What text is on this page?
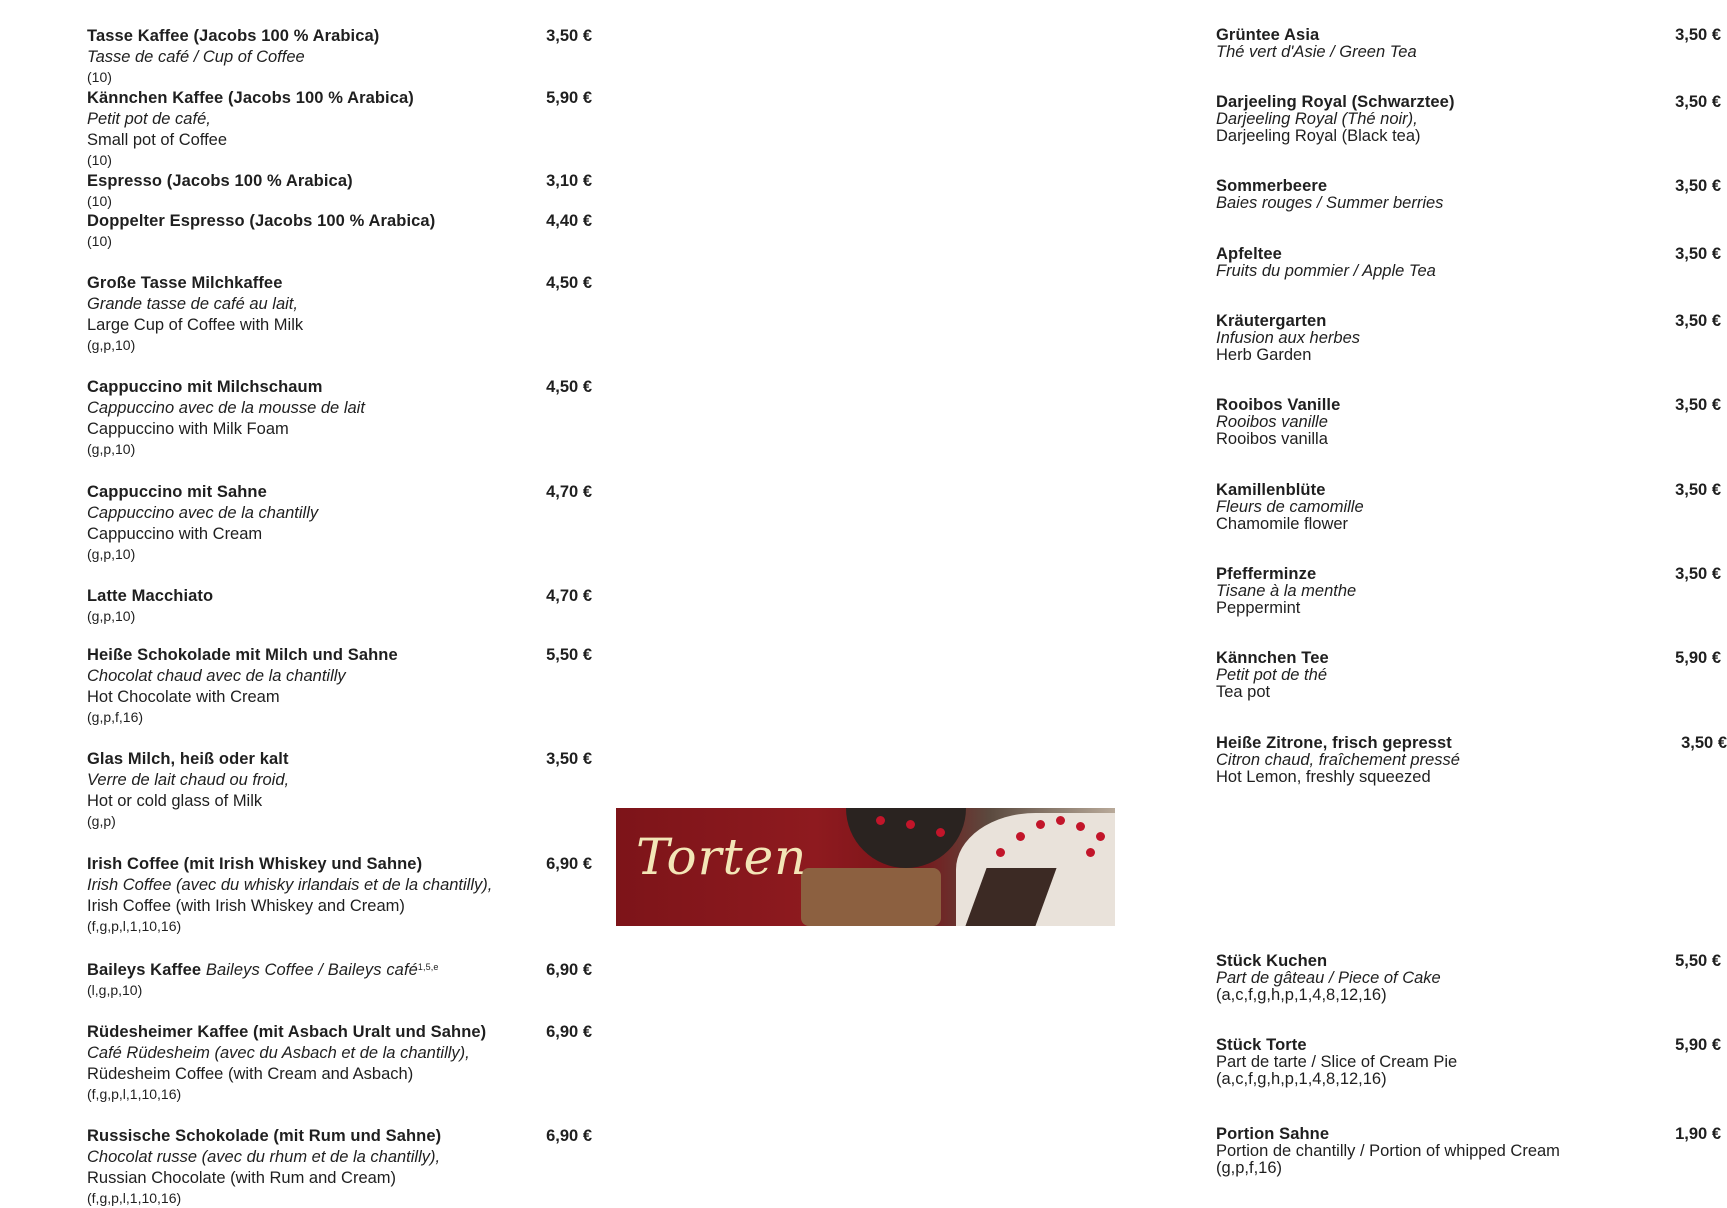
Tasse Kaffee (Jacobs 100 % Arabica)
Tasse de café / Cup of Coffee
(10)
3,50 €
Kännchen Kaffee (Jacobs 100 % Arabica)
Petit pot de café,
Small pot of Coffee
(10)
5,90 €
Espresso (Jacobs 100 % Arabica)
(10)
3,10 €
Doppelter Espresso (Jacobs 100 % Arabica)
(10)
4,40 €
Große Tasse Milchkaffee
Grande tasse de café au lait,
Large Cup of Coffee with Milk
(g,p,10)
4,50 €
Cappuccino mit Milchschaum
Cappuccino avec de la mousse de lait
Cappuccino with Milk Foam
(g,p,10)
4,50 €
Cappuccino mit Sahne
Cappuccino avec de la chantilly
Cappuccino with Cream
(g,p,10)
4,70 €
Latte Macchiato
(g,p,10)
4,70 €
Heiße Schokolade mit Milch und Sahne
Chocolat chaud avec de la chantilly
Hot Chocolate with Cream
(g,p,f,16)
5,50 €
Glas Milch, heiß oder kalt
Verre de lait chaud ou froid,
Hot or cold glass of Milk
(g,p)
3,50 €
Irish Coffee (mit Irish Whiskey und Sahne)
Irish Coffee (avec du whisky irlandais et de la chantilly),
Irish Coffee (with Irish Whiskey and Cream)
(f,g,p,l,1,10,16)
6,90 €
Baileys Kaffee Baileys Coffee / Baileys café$^{1,5,e}$
(l,g,p,10)
6,90 €
Rüdesheimer Kaffee (mit Asbach Uralt und Sahne)
Café Rüdesheim (avec du Asbach et de la chantilly),
Rüdesheim Coffee (with Cream and Asbach)
(f,g,p,l,1,10,16)
6,90 €
Russische Schokolade (mit Rum und Sahne)
Chocolat russe (avec du rhum et de la chantilly),
Russian Chocolate (with Rum and Cream)
(f,g,p,l,1,10,16)
6,90 €
Grüntee Asia
Thé vert d'Asie / Green Tea
3,50 €
Darjeeling Royal (Schwarztee)
Darjeeling Royal (Thé noir),
Darjeeling Royal (Black tea)
3,50 €
Sommerbeere
Baies rouges / Summer berries
3,50 €
Apfeltee
Fruits du pommier / Apple Tea
3,50 €
Kräutergarten
Infusion aux herbes
Herb Garden
3,50 €
Rooibos Vanille
Rooibos vanille
Rooibos vanilla
3,50 €
Kamillenblüte
Fleurs de camomille
Chamomile flower
3,50 €
Pfefferminze
Tisane à la menthe
Peppermint
3,50 €
Kännchen Tee
Petit pot de thé
Tea pot
5,90 €
Heiße Zitrone, frisch gepresst
Citron chaud, fraîchement pressé
Hot Lemon, freshly squeezed
3,50 €
Stück Kuchen
Part de gâteau / Piece of Cake
(a,c,f,g,h,p,1,4,8,12,16)
5,50 €
Stück Torte
Part de tarte / Slice of Cream Pie
(a,c,f,g,h,p,1,4,8,12,16)
5,90 €
Portion Sahne
Portion de chantilly / Portion of whipped Cream
(g,p,f,16)
1,90 €
Torten
